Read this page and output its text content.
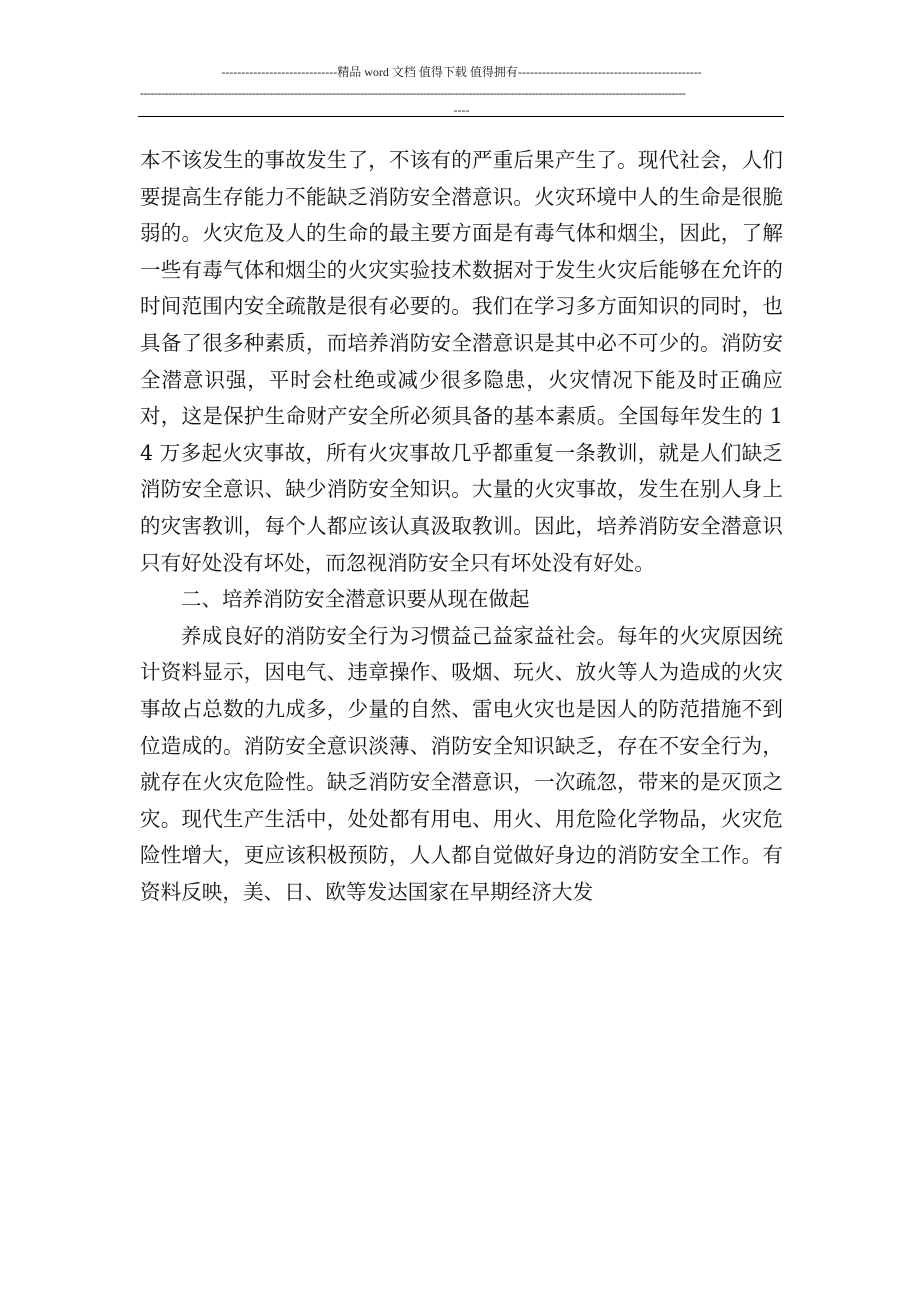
-----------------------------精品 word 文档 值得下载 值得拥有----------------------------------------------
------------------------------------------------------------------------------------------------------------------------------------------------------------
----

本不该发生的事故发生了，不该有的严重后果产生了。现代社会，人们要提高生存能力不能缺乏消防安全潜意识。火灾环境中人的生命是很脆弱的。火灾危及人的生命的最主要方面是有毒气体和烟尘，因此，了解一些有毒气体和烟尘的火灾实验技术数据对于发生火灾后能够在允许的时间范围内安全疏散是很有必要的。我们在学习多方面知识的同时，也具备了很多种素质，而培养消防安全潜意识是其中必不可少的。消防安全潜意识强，平时会杜绝或减少很多隐患，火灾情况下能及时正确应对，这是保护生命财产安全所必须具备的基本素质。全国每年发生的 14 万多起火灾事故，所有火灾事故几乎都重复一条教训，就是人们缺乏消防安全意识、缺少消防安全知识。大量的火灾事故，发生在别人身上的灾害教训，每个人都应该认真汲取教训。因此，培养消防安全潜意识只有好处没有坏处，而忽视消防安全只有坏处没有好处。

二、培养消防安全潜意识要从现在做起

养成良好的消防安全行为习惯益己益家益社会。每年的火灾原因统计资料显示，因电气、违章操作、吸烟、玩火、放火等人为造成的火灾事故占总数的九成多，少量的自然、雷电火灾也是因人的防范措施不到位造成的。消防安全意识淡薄、消防安全知识缺乏，存在不安全行为，就存在火灾危险性。缺乏消防安全潜意识，一次疏忽，带来的是灭顶之灾。现代生产生活中，处处都有用电、用火、用危险化学物品，火灾危险性增大，更应该积极预防，人人都自觉做好身边的消防安全工作。有资料反映，美、日、欧等发达国家在早期经济大发
